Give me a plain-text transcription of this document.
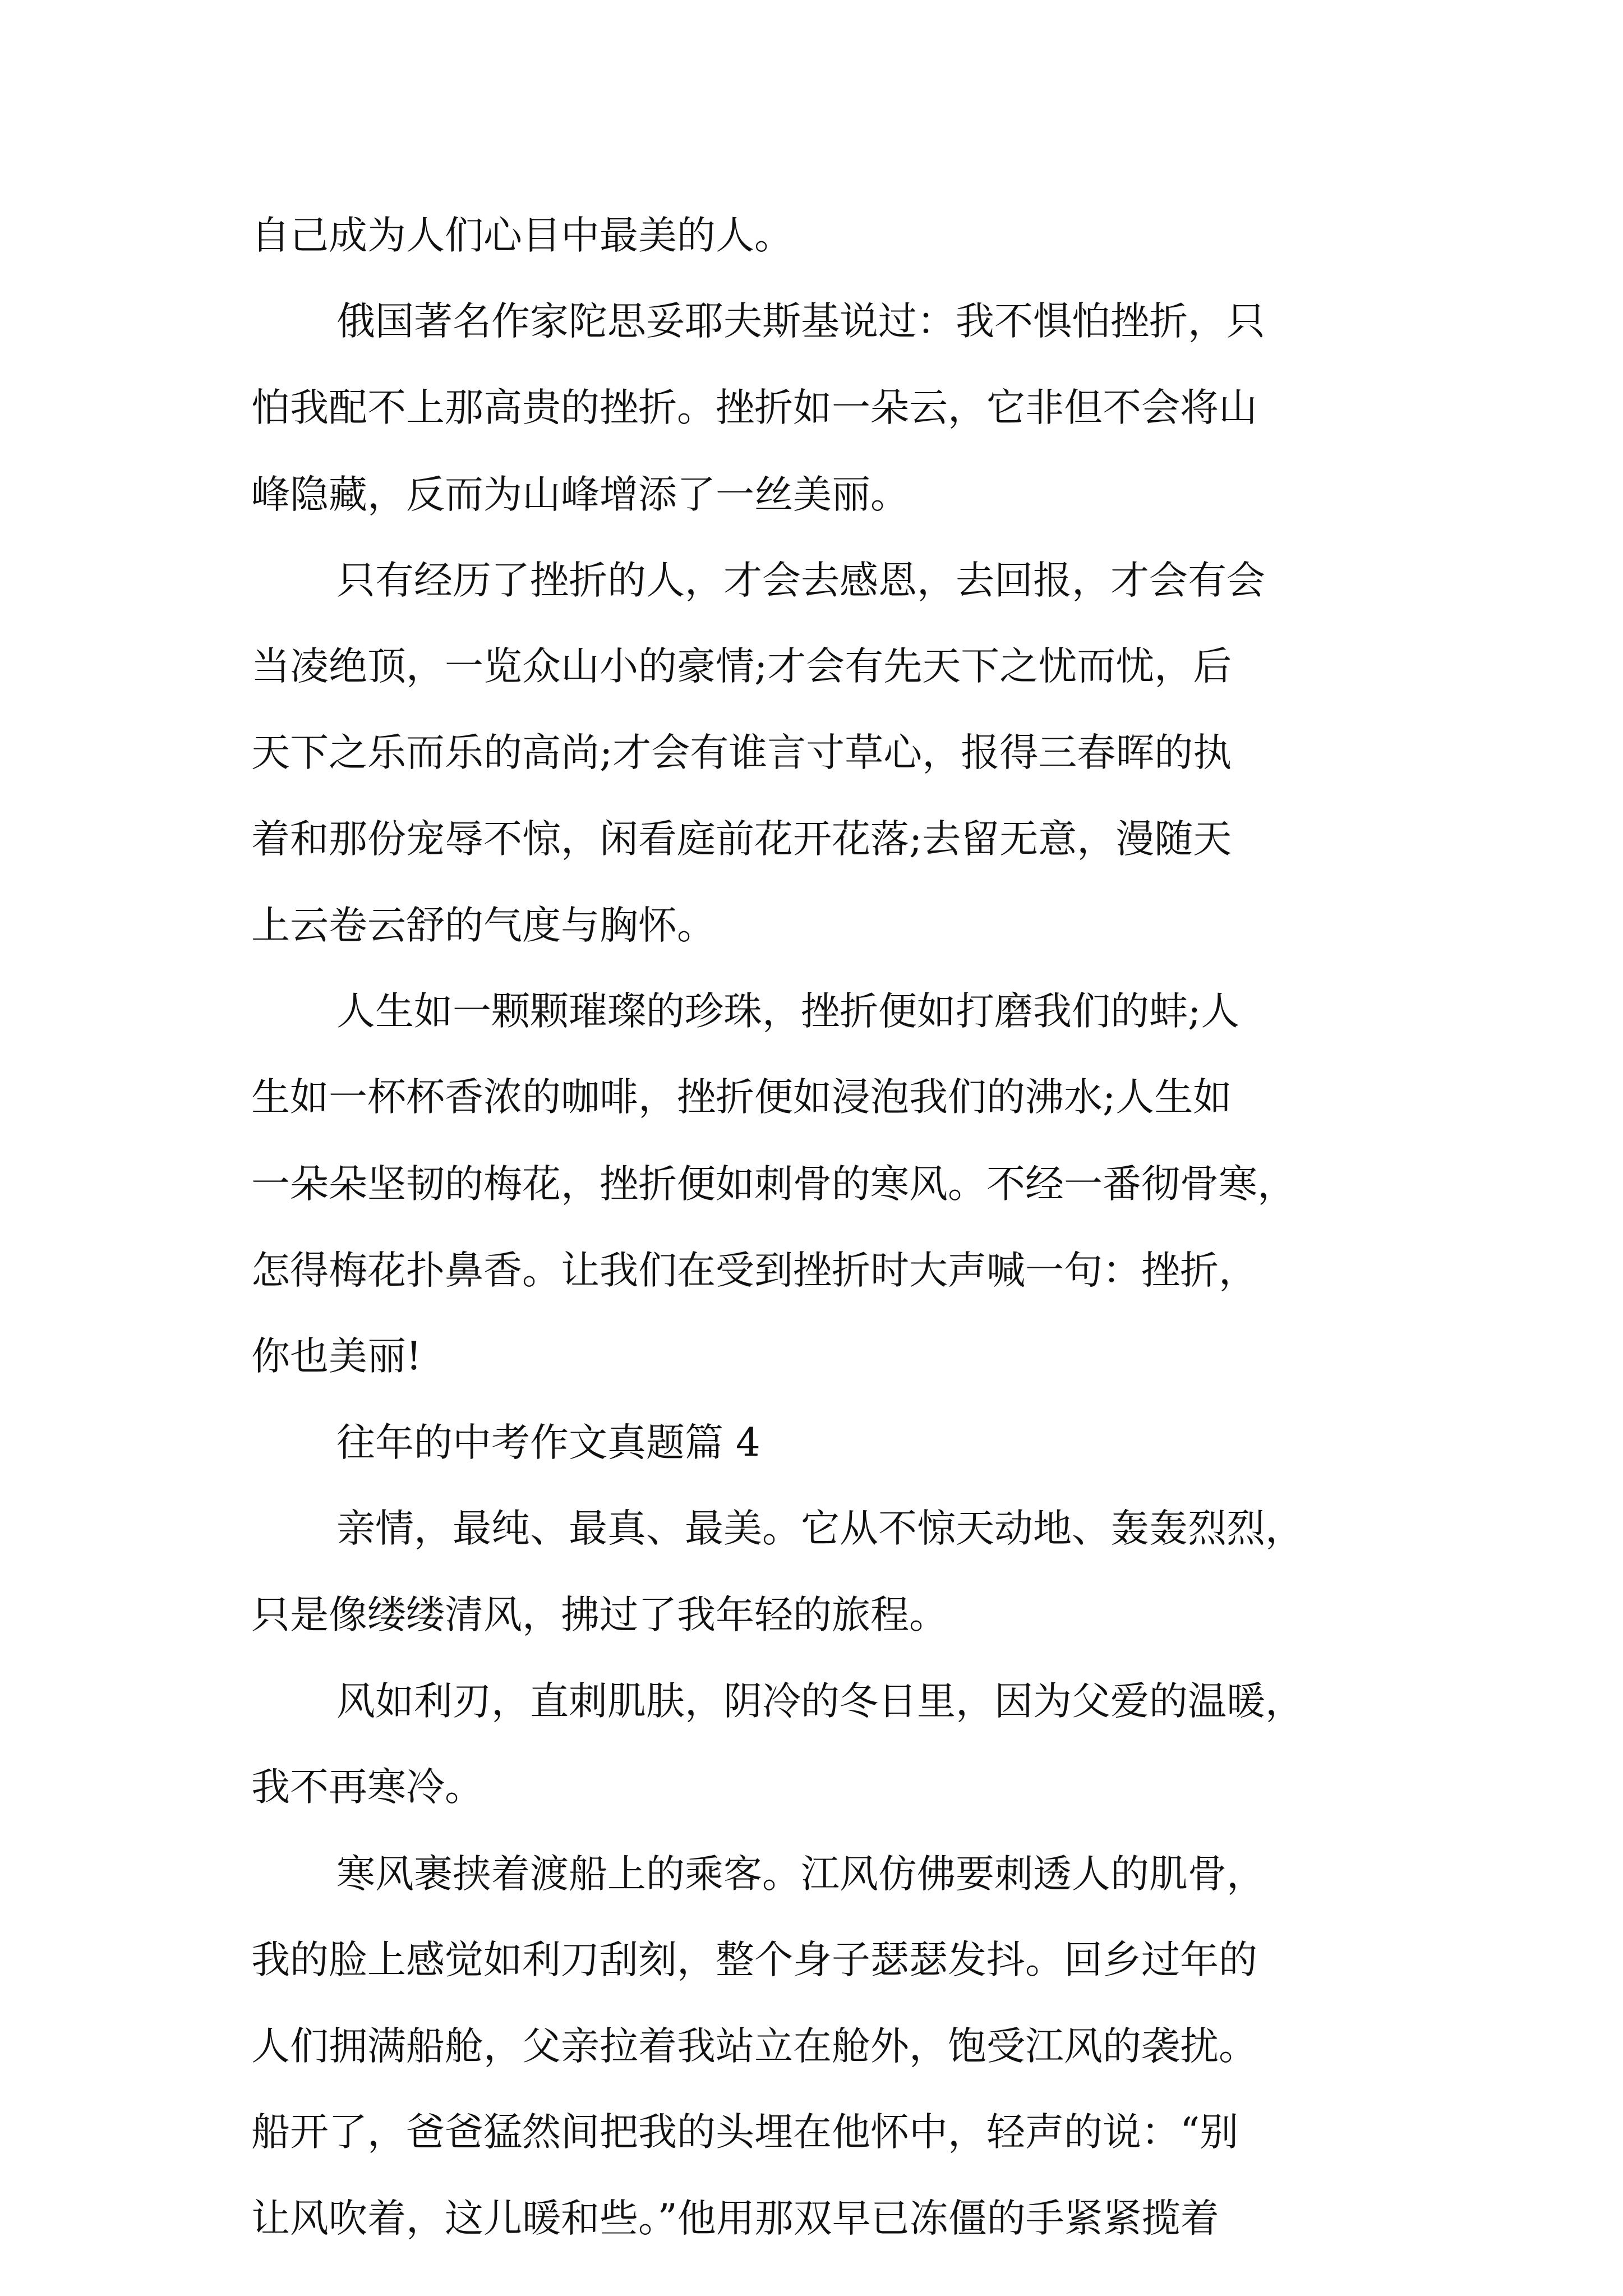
自己成为人们心目中最美的人。

俄国著名作家陀思妥耶夫斯基说过：我不惧怕挫折，只

怕我配不上那高贵的挫折。挫折如一朵云，它非但不会将山

峰隐藏，反而为山峰增添了一丝美丽。

只有经历了挫折的人，才会去感恩，去回报，才会有会

当凌绝顶，一览众山小的豪情;才会有先天下之忧而忧，后

天下之乐而乐的高尚;才会有谁言寸草心，报得三春晖的执

着和那份宠辱不惊，闲看庭前花开花落;去留无意，漫随天

上云卷云舒的气度与胸怀。

人生如一颗颗璀璨的珍珠，挫折便如打磨我们的蚌;人

生如一杯杯香浓的咖啡，挫折便如浸泡我们的沸水;人生如

一朵朵坚韧的梅花，挫折便如刺骨的寒风。不经一番彻骨寒，

怎得梅花扑鼻香。让我们在受到挫折时大声喊一句：挫折，

你也美丽!

往年的中考作文真题篇 4

亲情，最纯、最真、最美。它从不惊天动地、轰轰烈烈，

只是像缕缕清风，拂过了我年轻的旅程。

风如利刃，直刺肌肤，阴冷的冬日里，因为父爱的温暖，

我不再寒冷。

寒风裹挟着渡船上的乘客。江风仿佛要刺透人的肌骨，

我的脸上感觉如利刀刮刻，整个身子瑟瑟发抖。回乡过年的

人们拥满船舱，父亲拉着我站立在舱外，饱受江风的袭扰。

船开了，爸爸猛然间把我的头埋在他怀中，轻声的说：“别

让风吹着，这儿暖和些。”他用那双早已冻僵的手紧紧揽着
